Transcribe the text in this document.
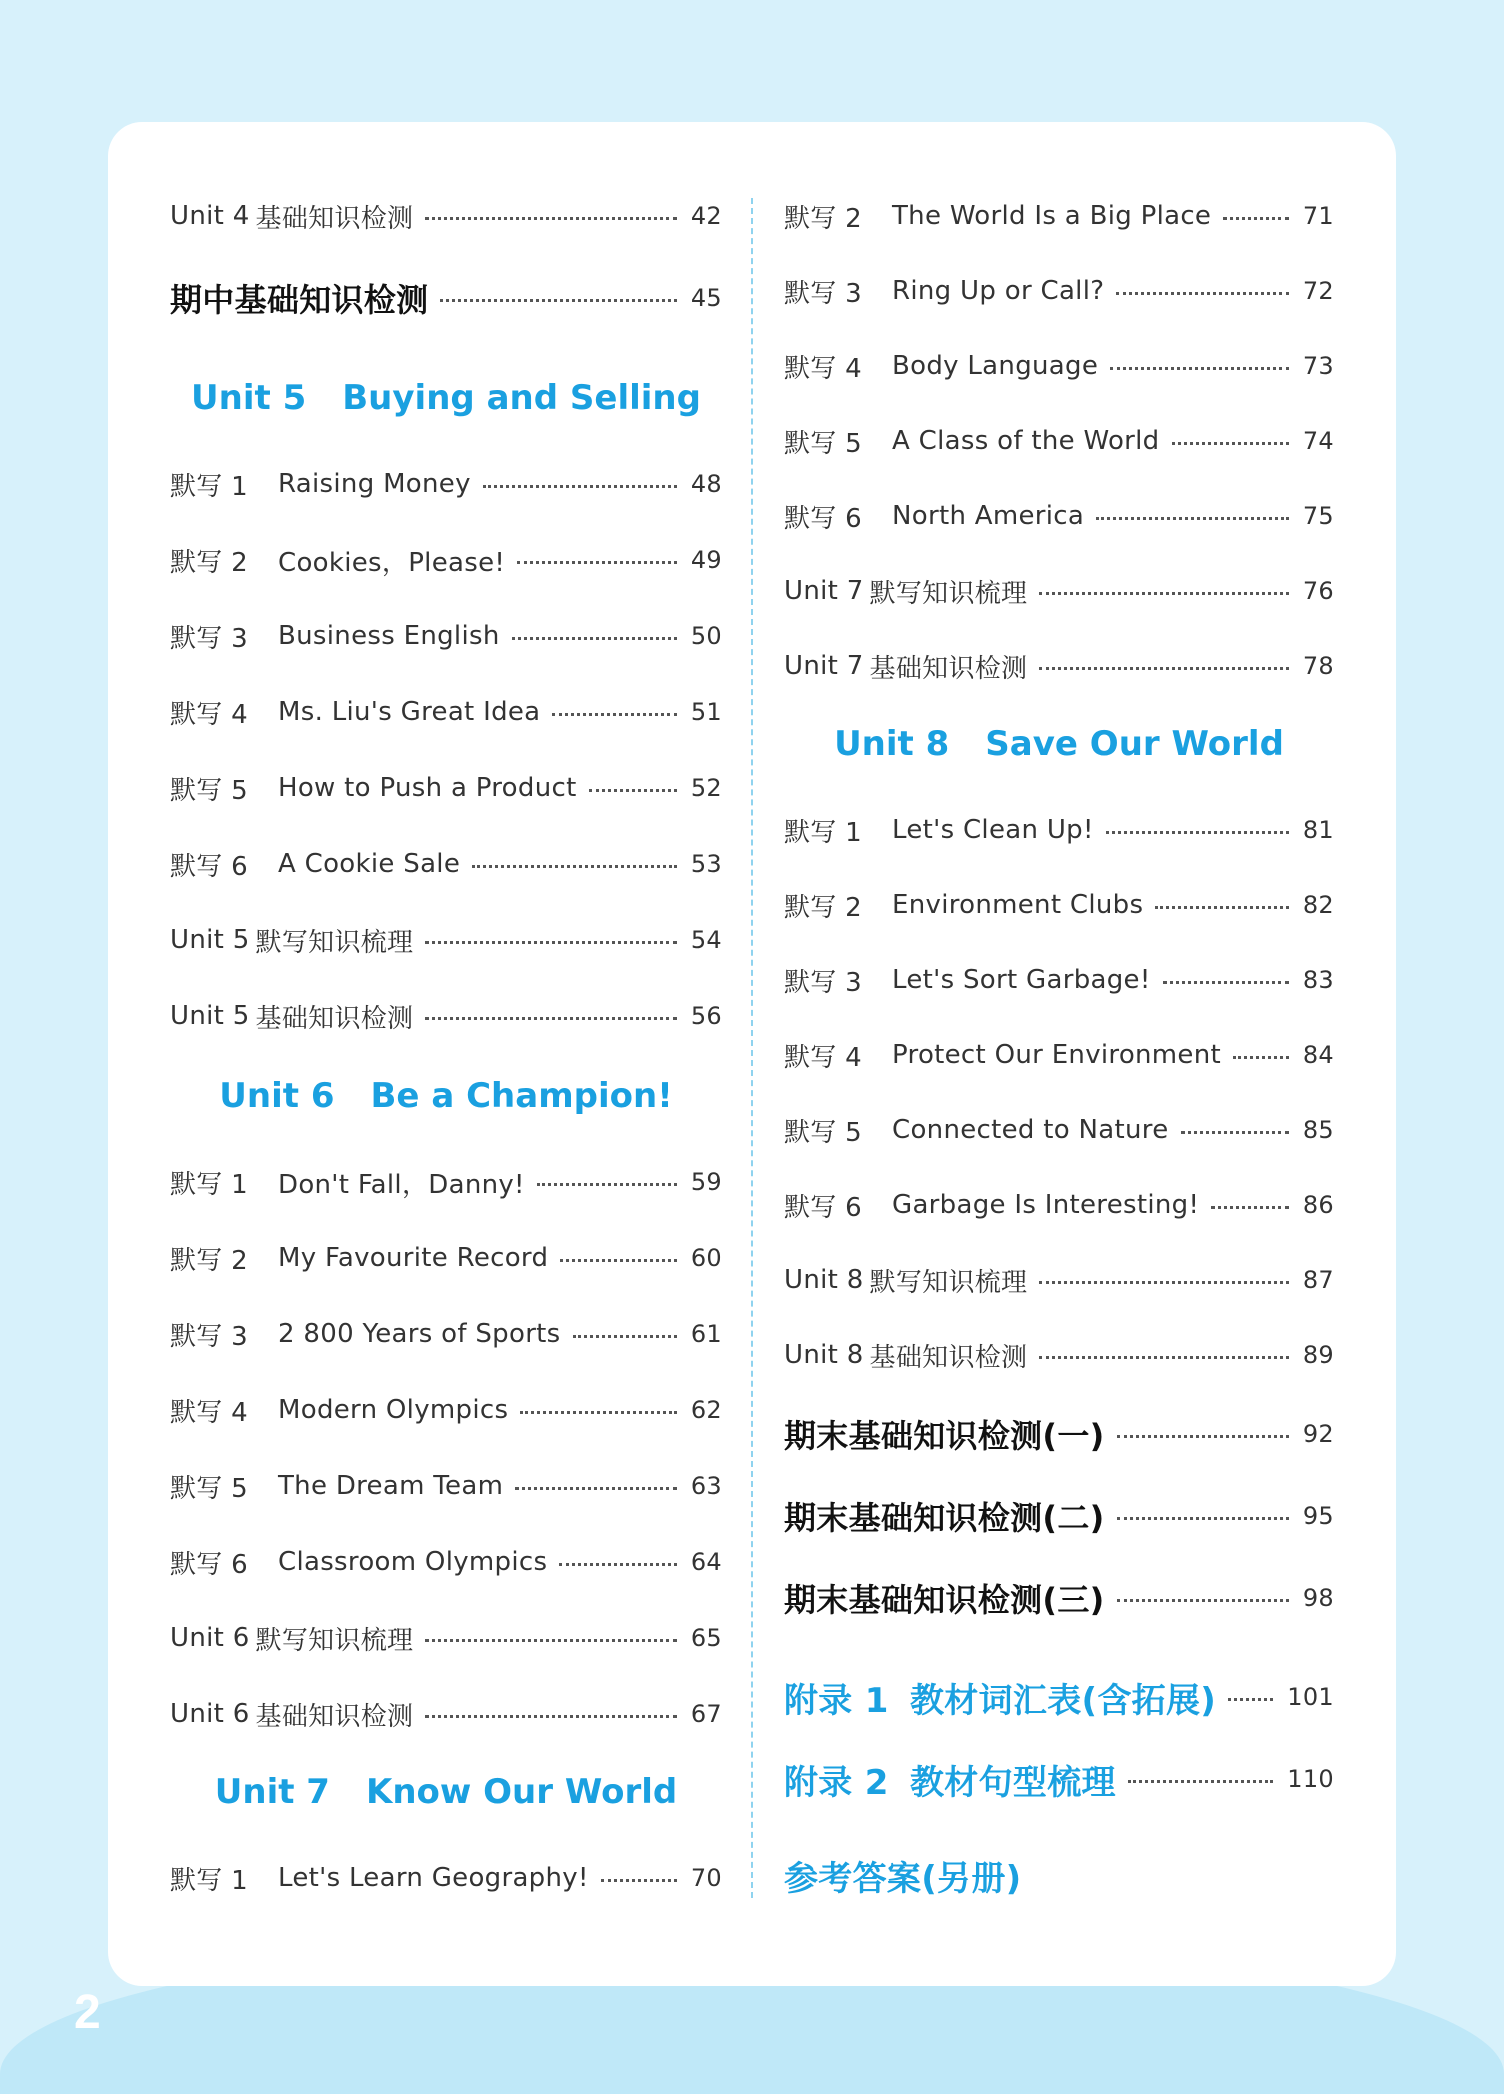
2
Unit 4 基础知识检测	42
期中基础知识检测	45
Unit 5 Buying and Selling
默写 1	Raising Money	48
默写 2	Cookies，Please!	49
默写 3	Business English	50
默写 4	Ms. Liu's Great Idea	51
默写 5	How to Push a Product	52
默写 6	A Cookie Sale	53
Unit 5 默写知识梳理	54
Unit 5 基础知识检测	56
Unit 6 Be a Champion!
默写 1	Don't Fall，Danny!	59
默写 2	My Favourite Record	60
默写 3	2 800 Years of Sports	61
默写 4	Modern Olympics	62
默写 5	The Dream Team	63
默写 6	Classroom Olympics	64
Unit 6 默写知识梳理	65
Unit 6 基础知识检测	67
Unit 7 Know Our World
默写 1	Let's Learn Geography!	70
默写 2	The World Is a Big Place	71
默写 3	Ring Up or Call?	72
默写 4	Body Language	73
默写 5	A Class of the World	74
默写 6	North America	75
Unit 7 默写知识梳理	76
Unit 7 基础知识检测	78
Unit 8 Save Our World
默写 1	Let's Clean Up!	81
默写 2	Environment Clubs	82
默写 3	Let's Sort Garbage!	83
默写 4	Protect Our Environment	84
默写 5	Connected to Nature	85
默写 6	Garbage Is Interesting!	86
Unit 8 默写知识梳理	87
Unit 8 基础知识检测	89
期末基础知识检测(一)	92
期末基础知识检测(二)	95
期末基础知识检测(三)	98
附录 1 教材词汇表(含拓展)	101
附录 2 教材句型梳理	110
参考答案(另册)
